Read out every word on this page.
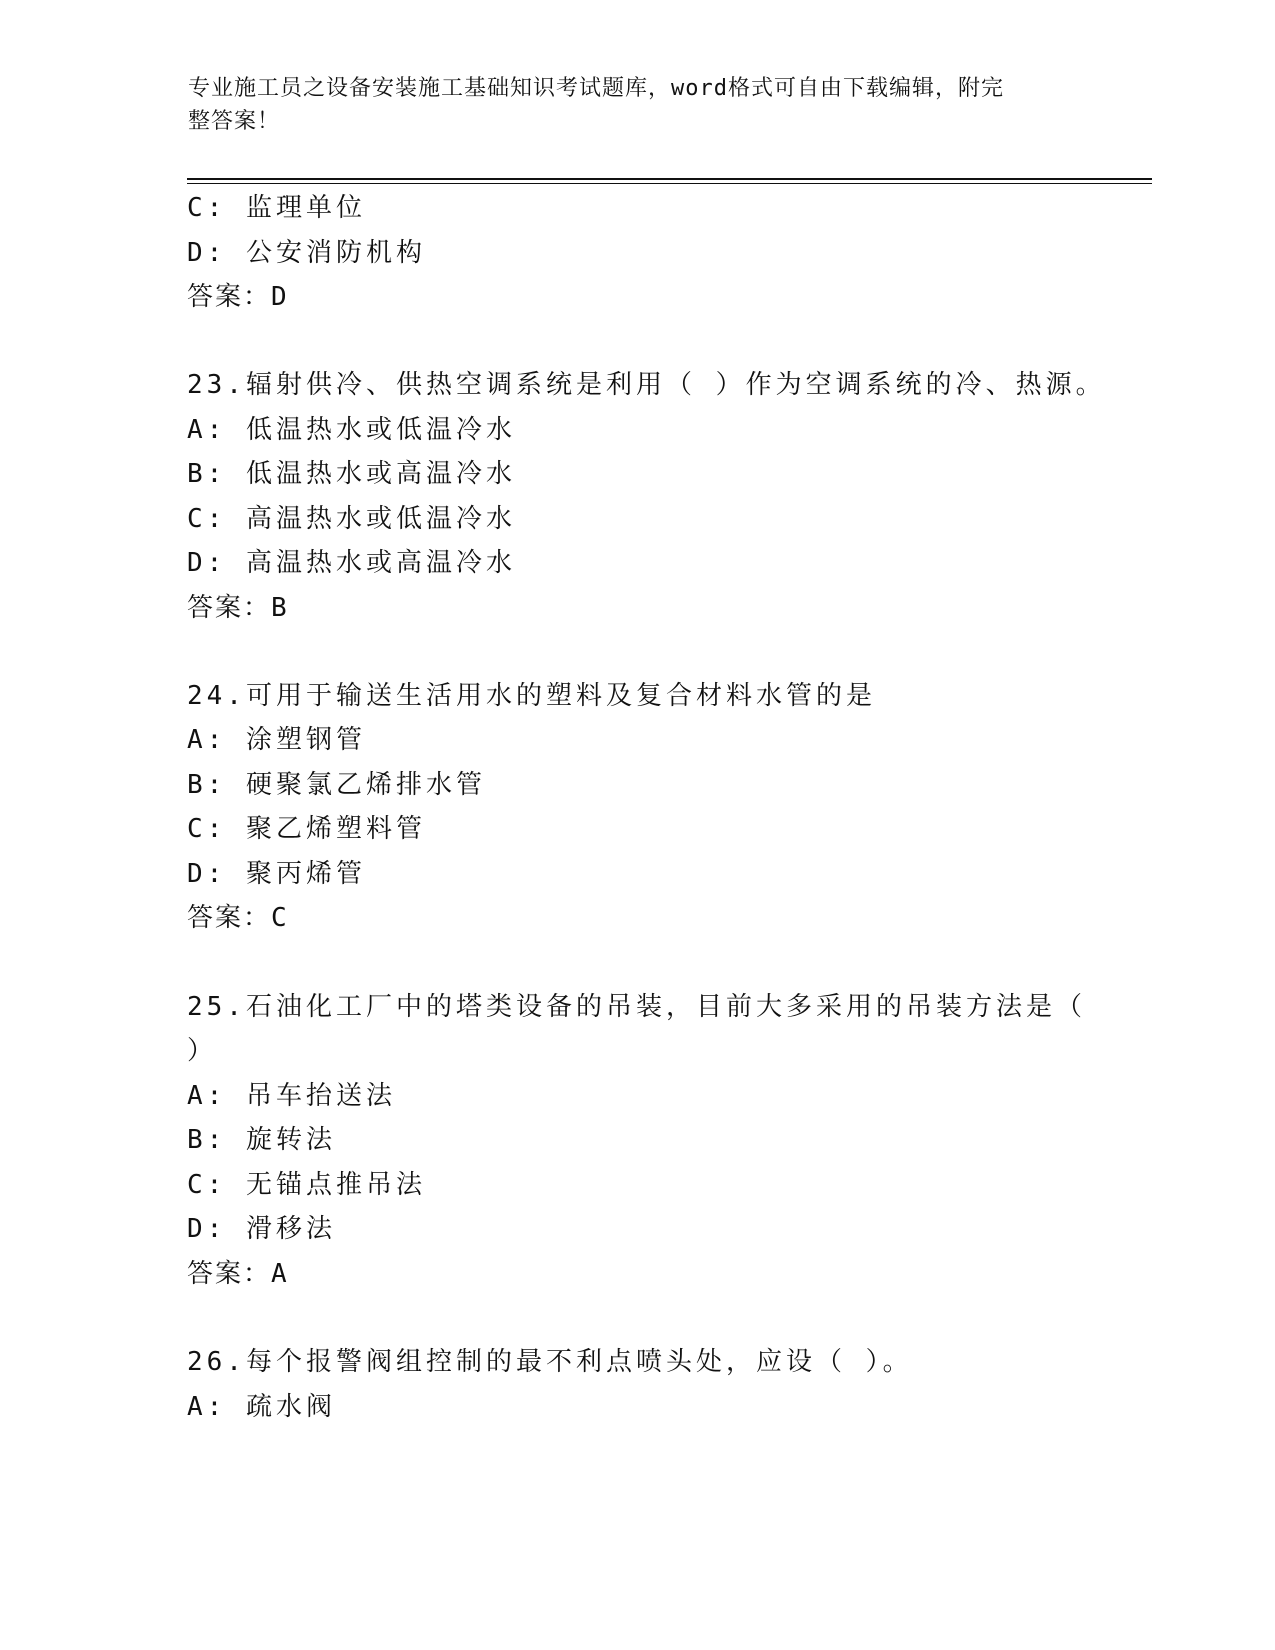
专业施工员之设备安装施工基础知识考试题库，word格式可自由下载编辑，附完
整答案！
C: 监理单位
D: 公安消防机构
答案：D
23.辐射供冷、供热空调系统是利用（ ）作为空调系统的冷、热源。
A: 低温热水或低温冷水
B: 低温热水或高温冷水
C: 高温热水或低温冷水
D: 高温热水或高温冷水
答案：B
24.可用于输送生活用水的塑料及复合材料水管的是
A: 涂塑钢管
B: 硬聚氯乙烯排水管
C: 聚乙烯塑料管
D: 聚丙烯管
答案：C
25.石油化工厂中的塔类设备的吊装，目前大多采用的吊装方法是（
）
A: 吊车抬送法
B: 旋转法
C: 无锚点推吊法
D: 滑移法
答案：A
26.每个报警阀组控制的最不利点喷头处，应设（ ）。
A: 疏水阀
